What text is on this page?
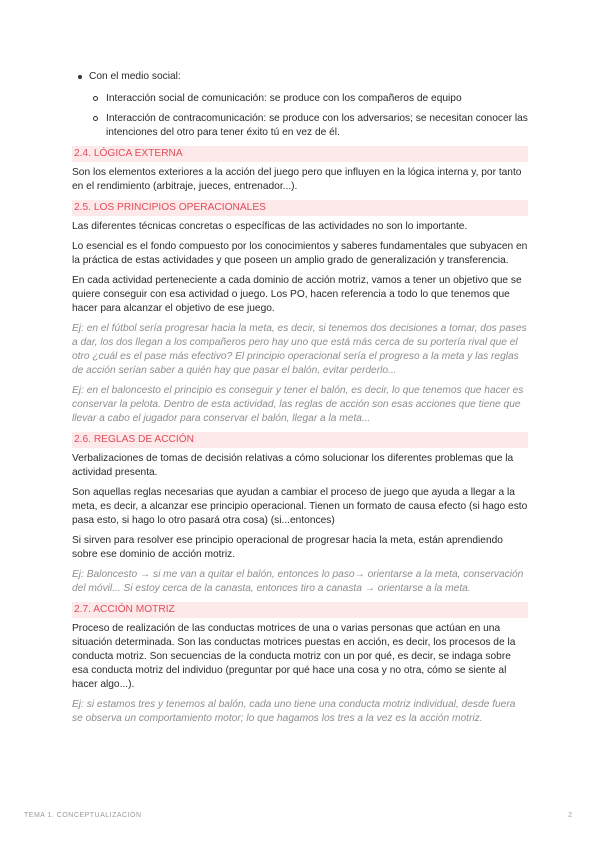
Con el medio social:
Interacción social de comunicación: se produce con los compañeros de equipo
Interacción de contracomunicación: se produce con los adversarios; se necesitan conocer las intenciones del otro para tener éxito tú en vez de él.
2.4. LÓGICA EXTERNA

Son los elementos exteriores a la acción del juego pero que influyen en la lógica interna y, por tanto en el rendimiento (arbitraje, jueces, entrenador...).

2.5. LOS PRINCIPIOS OPERACIONALES

Las diferentes técnicas concretas o específicas de las actividades no son lo importante.

Lo esencial es el fondo compuesto por los conocimientos y saberes fundamentales que subyacen en la práctica de estas actividades y que poseen un amplio grado de generalización y transferencia.

En cada actividad perteneciente a cada dominio de acción motriz, vamos a tener un objetivo que se quiere conseguir con esa actividad o juego. Los PO, hacen referencia a todo lo que tenemos que hacer para alcanzar el objetivo de ese juego.

Ej: en el fútbol sería progresar hacia la meta, es decir, si tenemos dos decisiones a tomar, dos pases a dar, los dos llegan a los compañeros pero hay uno que está más cerca de su portería rival que el otro ¿cuál es el pase más efectivo? El principio operacional sería el progreso a la meta y las reglas de acción serían saber a quién hay que pasar el balón, evitar perderlo...

Ej: en el baloncesto el principio es conseguir y tener el balón, es decir, lo que tenemos que hacer es conservar la pelota. Dentro de esta actividad, las reglas de acción son esas acciones que tiene que llevar a cabo el jugador para conservar el balón, llegar a la meta...

2.6. REGLAS DE ACCIÓN

Verbalizaciones de tomas de decisión relativas a cómo solucionar los diferentes problemas que la actividad presenta.

Son aquellas reglas necesarias que ayudan a cambiar el proceso de juego que ayuda a llegar a la meta, es decir, a alcanzar ese principio operacional. Tienen un formato de causa efecto (si hago esto pasa esto, si hago lo otro pasará otra cosa) (si...entonces)

Si sirven para resolver ese principio operacional de progresar hacia la meta, están aprendiendo sobre ese dominio de acción motriz.

Ej: Baloncesto → si me van a quitar el balón, entonces lo paso→ orientarse a la meta, conservación del móvil... Si estoy cerca de la canasta, entonces tiro a canasta → orientarse a la meta.

2.7. ACCIÓN MOTRIZ

Proceso de realización de las conductas motrices de una o varias personas que actúan en una situación determinada. Son las conductas motrices puestas en acción, es decir, los procesos de la conducta motriz. Son secuencias de la conducta motriz con un por qué, es decir, se indaga sobre esa conducta motriz del individuo (preguntar por qué hace una cosa y no otra, cómo se siente al hacer algo...).

Ej: si estamos tres y tenemos al balón, cada uno tiene una conducta motriz individual, desde fuera se observa un comportamiento motor; lo que hagamos los tres a la vez es la acción motriz.

TEMA 1. CONCEPTUALIZACIÓN	2
